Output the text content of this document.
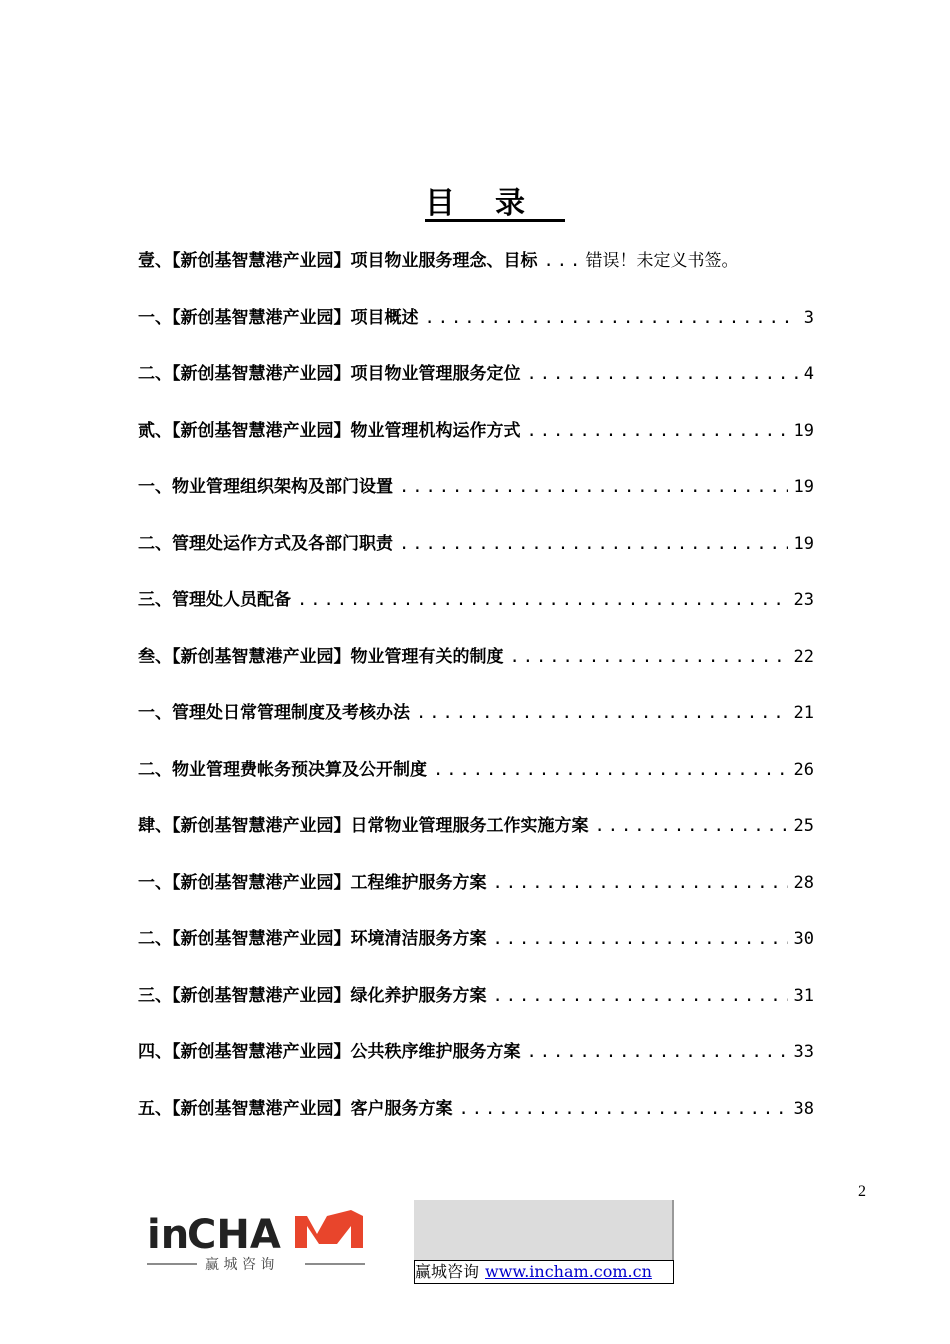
目录
壹、【新创基智慧港产业园】项目物业服务理念、目标 .....	错误！未定义书签。
一、【新创基智慧港产业园】项目概述 .....	3
二、【新创基智慧港产业园】项目物业管理服务定位 .....	4
贰、【新创基智慧港产业园】物业管理机构运作方式 .....	19
一、物业管理组织架构及部门设置 .....	19
二、管理处运作方式及各部门职责 .....	19
三、管理处人员配备 .....	23
叁、【新创基智慧港产业园】物业管理有关的制度 .....	22
一、管理处日常管理制度及考核办法 .....	21
二、物业管理费帐务预决算及公开制度 .....	26
肆、【新创基智慧港产业园】日常物业管理服务工作实施方案 .....	25
一、【新创基智慧港产业园】工程维护服务方案 .....	28
二、【新创基智慧港产业园】环境清洁服务方案 .....	30
三、【新创基智慧港产业园】绿化养护服务方案 .....	31
四、【新创基智慧港产业园】公共秩序维护服务方案 .....	33
五、【新创基智慧港产业园】客户服务方案 .....	38
2
in
CHA
赢 城 咨 询	赢城咨询 www.incham.com.cn
